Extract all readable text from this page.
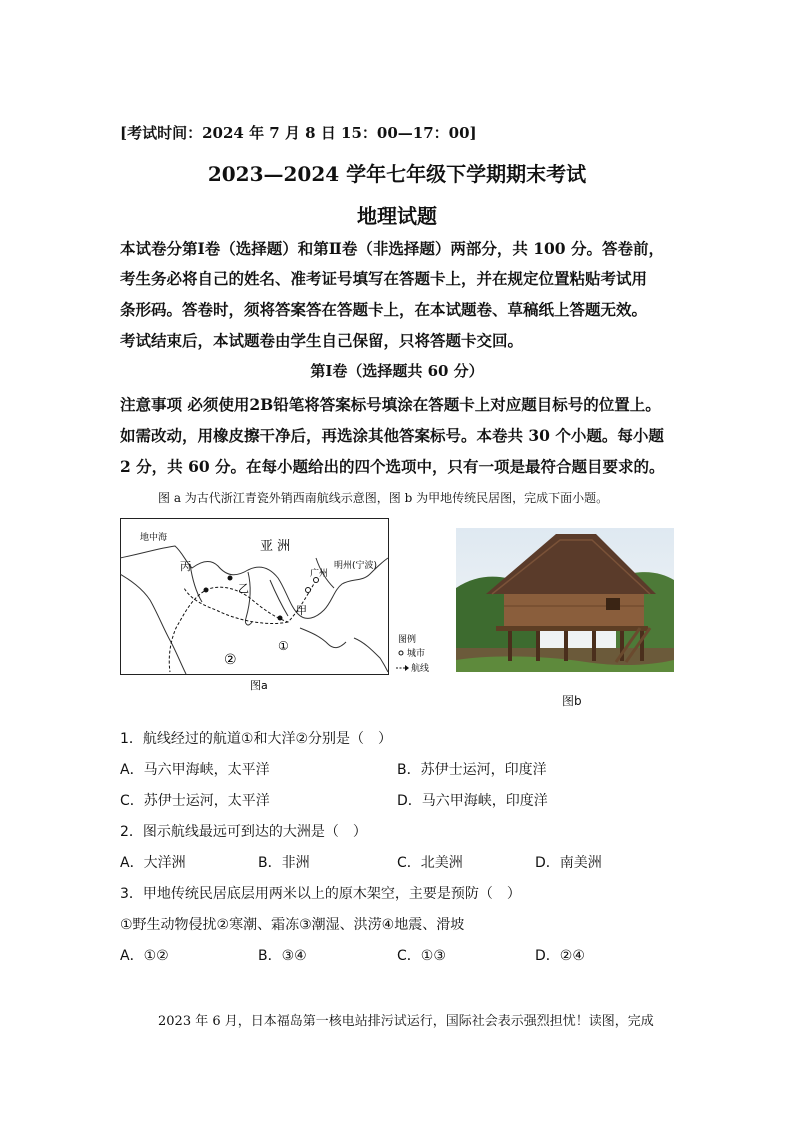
[考试时间：2024 年 7 月 8 日 15：00—17：00]
2023—2024 学年七年级下学期期末考试
地理试题
本试卷分第Ⅰ卷（选择题）和第Ⅱ卷（非选择题）两部分，共 100 分。答卷前，
考生务必将自己的姓名、准考证号填写在答题卡上，并在规定位置粘贴考试用
条形码。答卷时，须将答案答在答题卡上，在本试题卷、草稿纸上答题无效。
考试结束后，本试题卷由学生自己保留，只将答题卡交回。
第Ⅰ卷（选择题共 60 分）
注意事项 必须使用2B铅笔将答案标号填涂在答题卡上对应题目标号的位置上。
如需改动，用橡皮擦干净后，再选涂其他答案标号。本卷共 30 个小题。每小题
2 分，共 60 分。在每小题给出的四个选项中，只有一项是最符合题目要求的。
图 a 为古代浙江青瓷外销西南航线示意图，图 b 为甲地传统民居图，完成下面小题。
地中海
亚 洲
丙
乙
甲
广州
明州(宁波)
①
②
图例
城市
航线
图a
图b
1．航线经过的航道①和大洋②分别是（　）
A．马六甲海峡，太平洋	B．苏伊士运河，印度洋
C．苏伊士运河，太平洋	D．马六甲海峡，印度洋
2．图示航线最远可到达的大洲是（　）
A．大洋洲	B．非洲	C．北美洲	D．南美洲
3．甲地传统民居底层用两米以上的原木架空，主要是预防（　）
①野生动物侵扰②寒潮、霜冻③潮湿、洪涝④地震、滑坡
A．①②	B．③④	C．①③	D．②④
2023 年 6 月，日本福岛第一核电站排污试运行，国际社会表示强烈担忧！读图，完成
